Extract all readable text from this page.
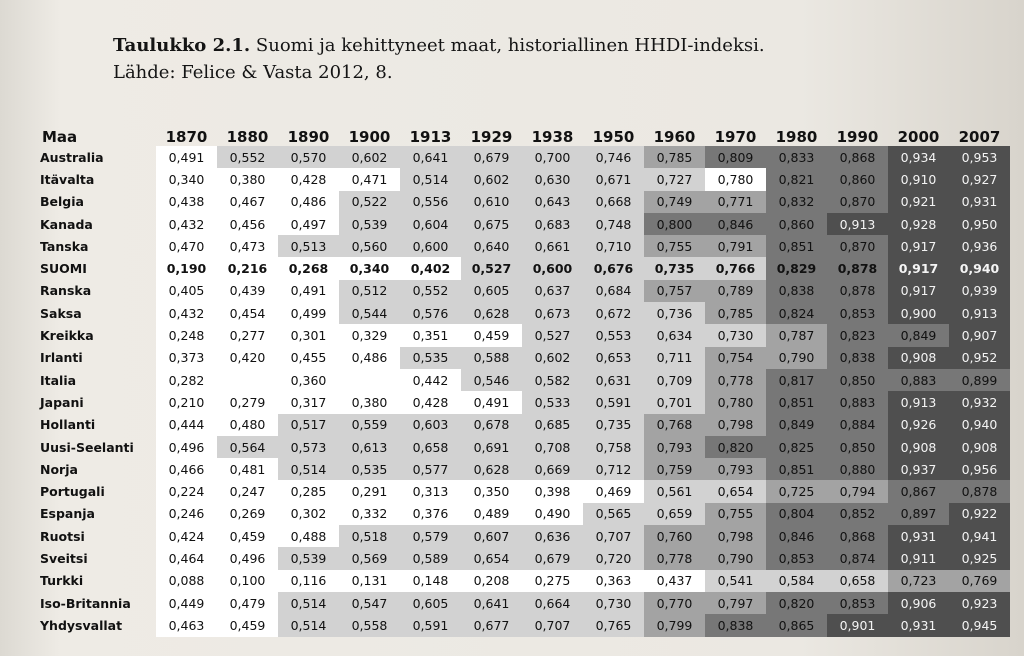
Taulukko 2.1. Suomi ja kehittyneet maat, historiallinen HHDI-indeksi.
Lähde: Felice & Vasta 2012, 8.
Maa	1870	1880	1890	1900	1913	1929	1938	1950	1960	1970	1980	1990	2000	2007
Australia	0,491	0,552	0,570	0,602	0,641	0,679	0,700	0,746	0,785	0,809	0,833	0,868	0,934	0,953
Itävalta	0,340	0,380	0,428	0,471	0,514	0,602	0,630	0,671	0,727	0,780	0,821	0,860	0,910	0,927
Belgia	0,438	0,467	0,486	0,522	0,556	0,610	0,643	0,668	0,749	0,771	0,832	0,870	0,921	0,931
Kanada	0,432	0,456	0,497	0,539	0,604	0,675	0,683	0,748	0,800	0,846	0,860	0,913	0,928	0,950
Tanska	0,470	0,473	0,513	0,560	0,600	0,640	0,661	0,710	0,755	0,791	0,851	0,870	0,917	0,936
SUOMI	0,190	0,216	0,268	0,340	0,402	0,527	0,600	0,676	0,735	0,766	0,829	0,878	0,917	0,940
Ranska	0,405	0,439	0,491	0,512	0,552	0,605	0,637	0,684	0,757	0,789	0,838	0,878	0,917	0,939
Saksa	0,432	0,454	0,499	0,544	0,576	0,628	0,673	0,672	0,736	0,785	0,824	0,853	0,900	0,913
Kreikka	0,248	0,277	0,301	0,329	0,351	0,459	0,527	0,553	0,634	0,730	0,787	0,823	0,849	0,907
Irlanti	0,373	0,420	0,455	0,486	0,535	0,588	0,602	0,653	0,711	0,754	0,790	0,838	0,908	0,952
Italia	0,282		0,360		0,442	0,546	0,582	0,631	0,709	0,778	0,817	0,850	0,883	0,899
Japani	0,210	0,279	0,317	0,380	0,428	0,491	0,533	0,591	0,701	0,780	0,851	0,883	0,913	0,932
Hollanti	0,444	0,480	0,517	0,559	0,603	0,678	0,685	0,735	0,768	0,798	0,849	0,884	0,926	0,940
Uusi-Seelanti	0,496	0,564	0,573	0,613	0,658	0,691	0,708	0,758	0,793	0,820	0,825	0,850	0,908	0,908
Norja	0,466	0,481	0,514	0,535	0,577	0,628	0,669	0,712	0,759	0,793	0,851	0,880	0,937	0,956
Portugali	0,224	0,247	0,285	0,291	0,313	0,350	0,398	0,469	0,561	0,654	0,725	0,794	0,867	0,878
Espanja	0,246	0,269	0,302	0,332	0,376	0,489	0,490	0,565	0,659	0,755	0,804	0,852	0,897	0,922
Ruotsi	0,424	0,459	0,488	0,518	0,579	0,607	0,636	0,707	0,760	0,798	0,846	0,868	0,931	0,941
Sveitsi	0,464	0,496	0,539	0,569	0,589	0,654	0,679	0,720	0,778	0,790	0,853	0,874	0,911	0,925
Turkki	0,088	0,100	0,116	0,131	0,148	0,208	0,275	0,363	0,437	0,541	0,584	0,658	0,723	0,769
Iso-Britannia	0,449	0,479	0,514	0,547	0,605	0,641	0,664	0,730	0,770	0,797	0,820	0,853	0,906	0,923
Yhdysvallat	0,463	0,459	0,514	0,558	0,591	0,677	0,707	0,765	0,799	0,838	0,865	0,901	0,931	0,945
